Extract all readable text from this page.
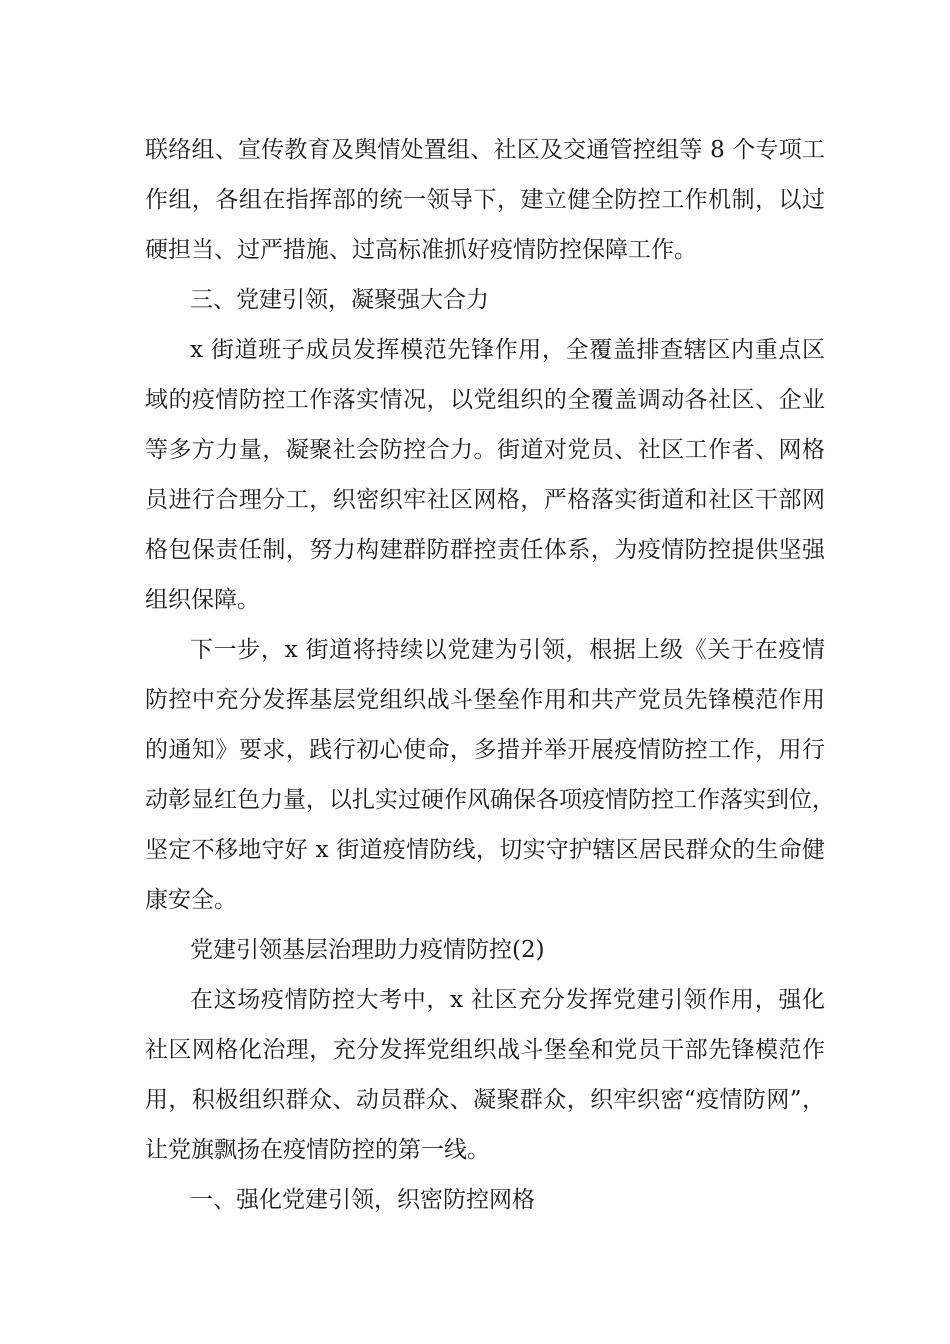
联络组、宣传教育及舆情处置组、社区及交通管控组等 8 个专项工
作组，各组在指挥部的统一领导下，建立健全防控工作机制，以过
硬担当、过严措施、过高标准抓好疫情防控保障工作。
三、党建引领，凝聚强大合力
x 街道班子成员发挥模范先锋作用，全覆盖排查辖区内重点区
域的疫情防控工作落实情况，以党组织的全覆盖调动各社区、企业
等多方力量，凝聚社会防控合力。街道对党员、社区工作者、网格
员进行合理分工，织密织牢社区网格，严格落实街道和社区干部网
格包保责任制，努力构建群防群控责任体系，为疫情防控提供坚强
组织保障。
下一步，x 街道将持续以党建为引领，根据上级《关于在疫情
防控中充分发挥基层党组织战斗堡垒作用和共产党员先锋模范作用
的通知》要求，践行初心使命，多措并举开展疫情防控工作，用行
动彰显红色力量，以扎实过硬作风确保各项疫情防控工作落实到位，
坚定不移地守好 x 街道疫情防线，切实守护辖区居民群众的生命健
康安全。
党建引领基层治理助力疫情防控(2)
在这场疫情防控大考中，x 社区充分发挥党建引领作用，强化
社区网格化治理，充分发挥党组织战斗堡垒和党员干部先锋模范作
用，积极组织群众、动员群众、凝聚群众，织牢织密“疫情防网”，
让党旗飘扬在疫情防控的第一线。
一、强化党建引领，织密防控网格
